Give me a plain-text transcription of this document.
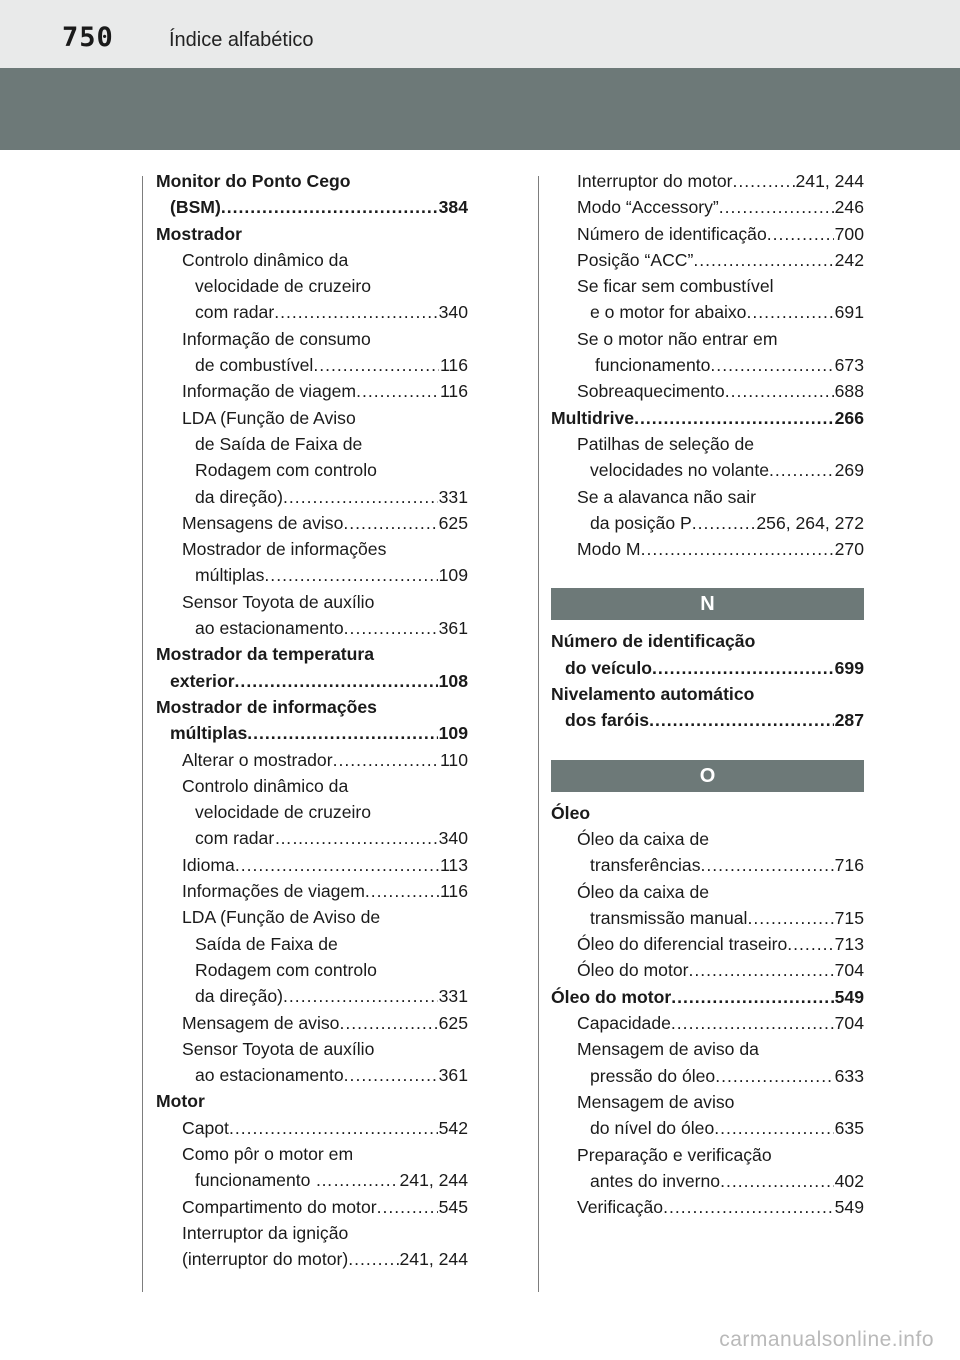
750	Índice alfabético
Monitor do Ponto Cego
(BSM) .....	384
Mostrador
Controlo dinâmico da
velocidade de cruzeiro
com radar .....	340
Informação de consumo
de combustível .....	116
Informação de viagem .....	116
LDA (Função de Aviso
de Saída de Faixa de
Rodagem com controlo
da direção) .....	331
Mensagens de aviso .....	625
Mostrador de informações
múltiplas .....	109
Sensor Toyota de auxílio
ao estacionamento .....	361
Mostrador da temperatura
exterior .....	108
Mostrador de informações
múltiplas .....	109
Alterar o mostrador .....	110
Controlo dinâmico da
velocidade de cruzeiro
com radar…… .....	340
Idioma .....	113
Informações de viagem .....	116
LDA (Função de Aviso de
Saída de Faixa de
Rodagem com controlo
da direção) .....	331
Mensagem de aviso .....	625
Sensor Toyota de auxílio
ao estacionamento .....	361
Motor
Capot .....	542
Como pôr o motor em
funcionamento ……… ..... 241, 244
Compartimento do motor .....	545
Interruptor da ignição
(interruptor do motor) .....	241, 244
Interruptor do motor .....	241, 244
Modo “Accessory” .....	246
Número de identificação .....	700
Posição “ACC” .....	242
Se ficar sem combustível
e o motor for abaixo .....	691
Se o motor não entrar em
funcionamento .....	673
Sobreaquecimento .....	688
Multidrive .....	266
Patilhas de seleção de
velocidades no volante .....	269
Se a alavanca não sair
da posição P .....	256, 264, 272
Modo M .....	270
N
Número de identificação
do veículo .....	699
Nivelamento automático
dos faróis .....	287
O
Óleo
Óleo da caixa de
transferências .....	716
Óleo da caixa de
transmissão manual .....	715
Óleo do diferencial traseiro .....	713
Óleo do motor .....	704
Óleo do motor .....	549
Capacidade .....	704
Mensagem de aviso da
pressão do óleo .....	633
Mensagem de aviso
do nível do óleo .....	635
Preparação e verificação
antes do inverno .....	402
Verificação .....	549
carmanualsonline.info
